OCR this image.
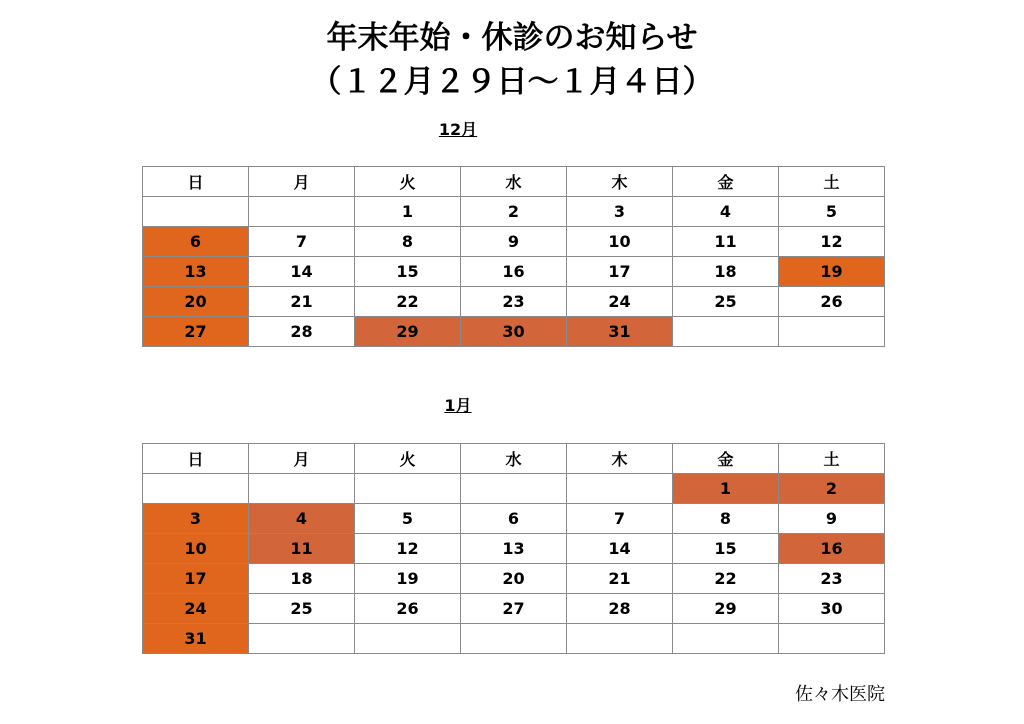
年末年始・休診のお知らせ
（１２月２９日～１月４日）
12月
日	月	火	水	木	金	土
		1	2	3	4	5
6	7	8	9	10	11	12
13	14	15	16	17	18	19
20	21	22	23	24	25	26
27	28	29	30	31		
1月
日	月	火	水	木	金	土
					1	2
3	4	5	6	7	8	9
10	11	12	13	14	15	16
17	18	19	20	21	22	23
24	25	26	27	28	29	30
31						
佐々木医院
